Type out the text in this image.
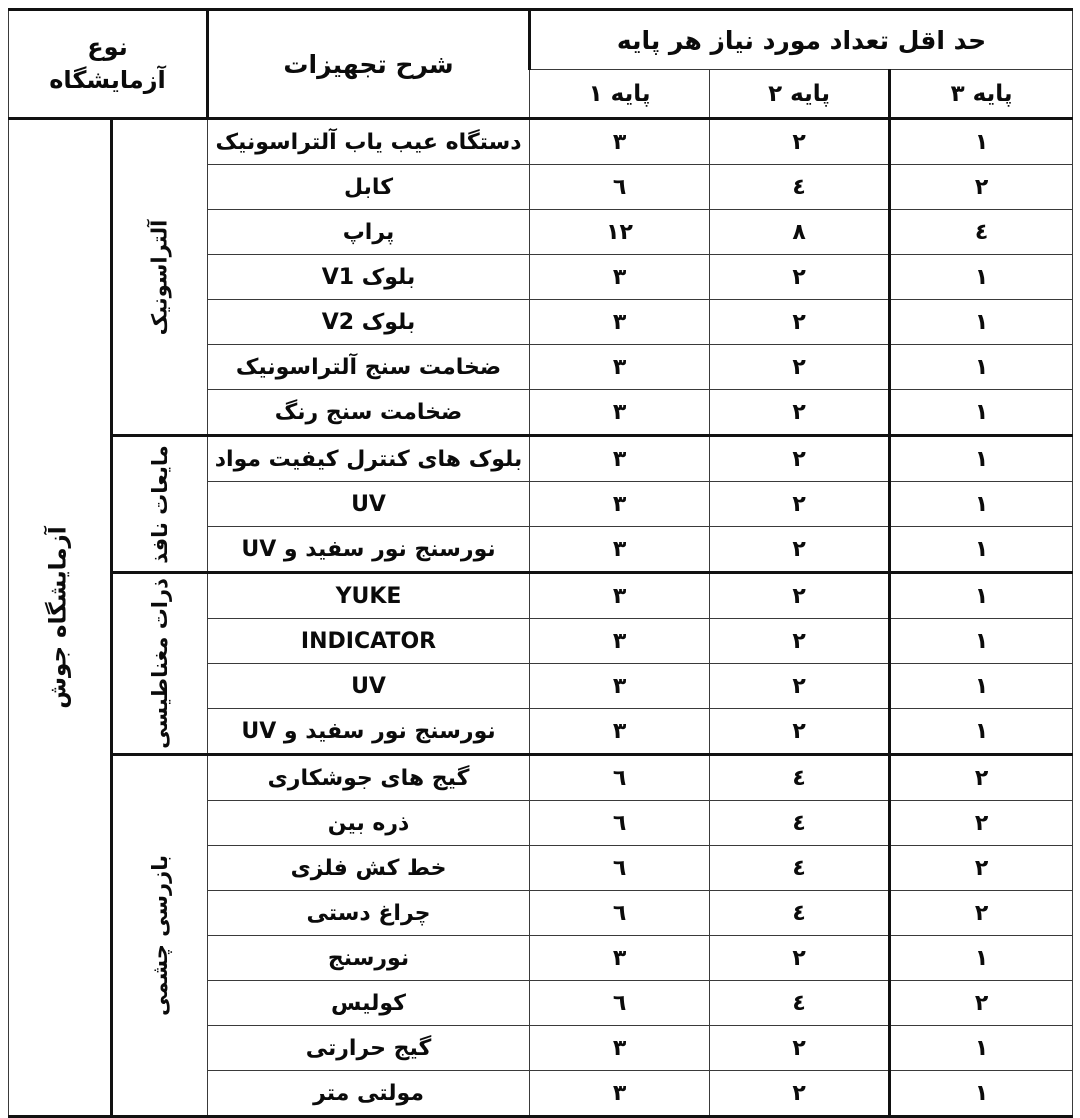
حد اقل تعداد مورد نیاز هر پایه			شرح تجهیزات	نوع
آزمایشگاه	
پایه ۳	پایه ۲	پایه ۱			
١	٢	٣	دستگاه عیب یاب آلتراسونیک	آلتراسونیک	آزمایشگاه جوش

٢	٤	٦	کابل		
٤	٨	١٢	پراپ		
١	٢	٣	بلوک V1		
١	٢	٣	بلوک V2		
١	٢	٣	ضخامت سنج آلتراسونیک		
١	٢	٣	ضخامت سنج رنگ		
١	٢	٣	بلوک های کنترل کیفیت مواد	مایعات نافذ	

١	٢	٣	UV		
١	٢	٣	نورسنج نور سفید و UV		
١	٢	٣	YUKE	ذرات مغناطیسی	

١	٢	٣	INDICATOR		
١	٢	٣	UV		
١	٢	٣	نورسنج نور سفید و UV		
٢	٤	٦	گیج های جوشکاری	بازرسی چشمی	

٢	٤	٦	ذره بین		
٢	٤	٦	خط کش فلزی		
٢	٤	٦	چراغ دستی		
١	٢	٣	نورسنج		
٢	٤	٦	کولیس		
١	٢	٣	گیج حرارتی		
١	٢	٣	مولتی متر		
